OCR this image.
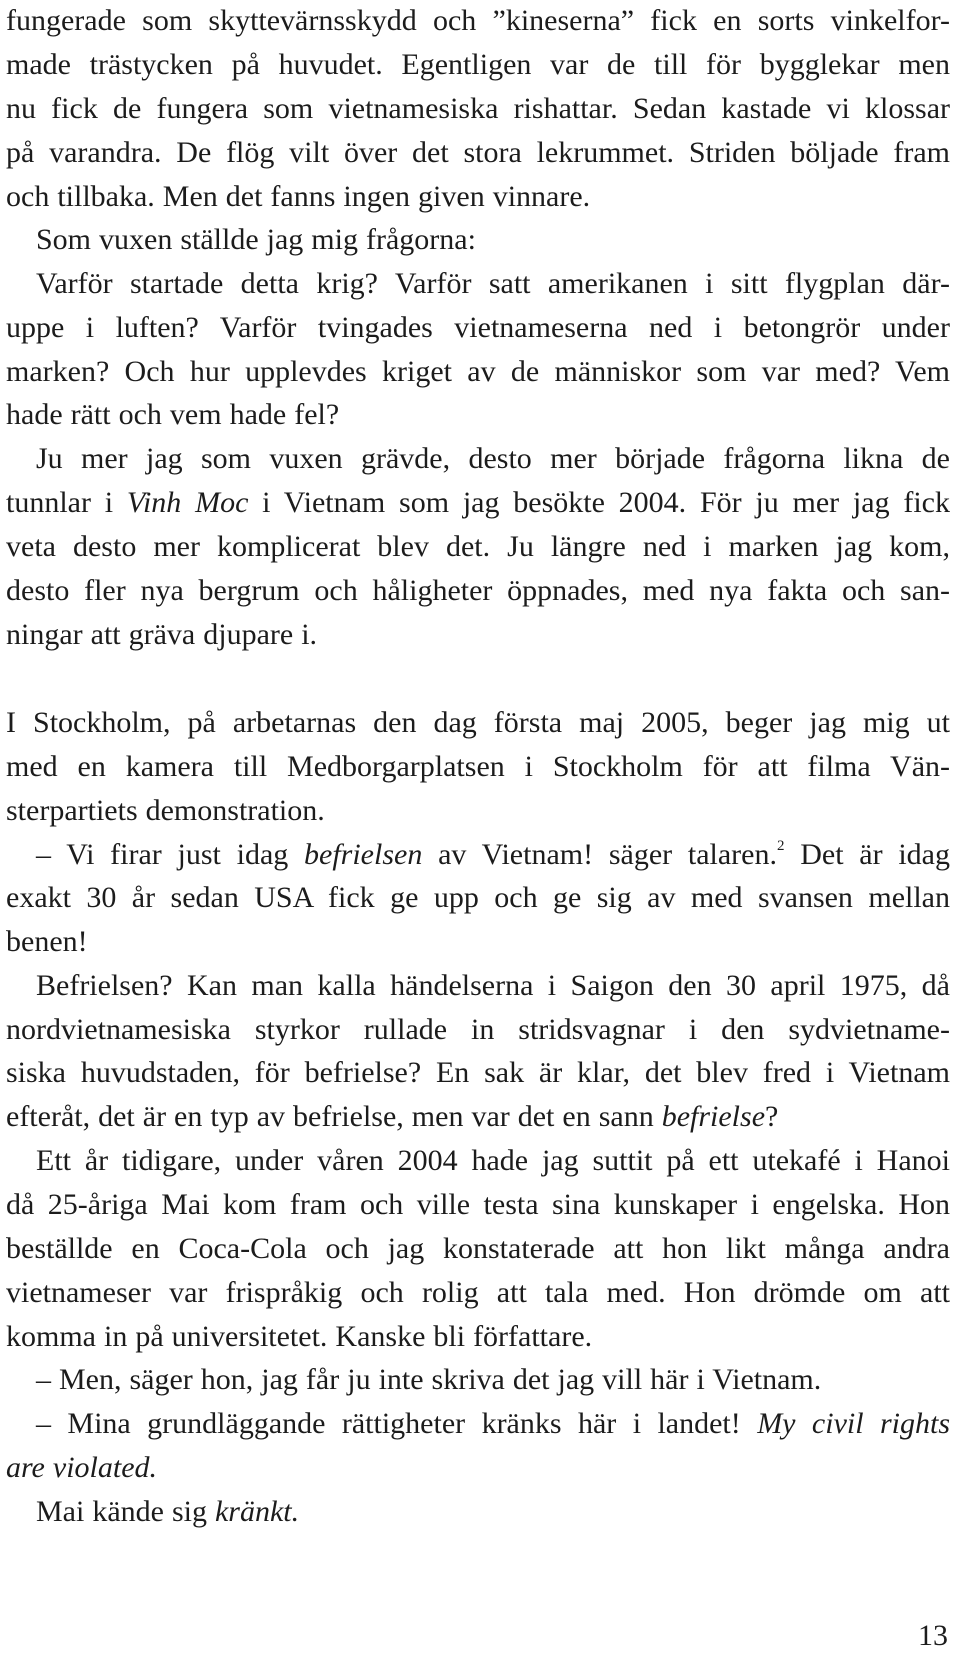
fungerade som skyttevärnsskydd och ”kineserna” fick en sorts vinkelfor-
made trästycken på huvudet. Egentligen var de till för bygglekar men
nu fick de fungera som vietnamesiska rishattar. Sedan kastade vi klossar
på varandra. De flög vilt över det stora lekrummet. Striden böljade fram
och tillbaka. Men det fanns ingen given vinnare.
Som vuxen ställde jag mig frågorna:
Varför startade detta krig? Varför satt amerikanen i sitt flygplan där-
uppe i luften? Varför tvingades vietnameserna ned i betongrör under
marken? Och hur upplevdes kriget av de människor som var med? Vem
hade rätt och vem hade fel?
Ju mer jag som vuxen grävde, desto mer började frågorna likna de
tunnlar i Vinh Moc i Vietnam som jag besökte 2004. För ju mer jag fick
veta desto mer komplicerat blev det. Ju längre ned i marken jag kom,
desto fler nya bergrum och håligheter öppnades, med nya fakta och san-
ningar att gräva djupare i.
I Stockholm, på arbetarnas den dag första maj 2005, beger jag mig ut
med en kamera till Medborgarplatsen i Stockholm för att filma Vän-
sterpartiets demonstration.
– Vi firar just idag befrielsen av Vietnam! säger talaren.$^2$ Det är idag
exakt 30 år sedan USA fick ge upp och ge sig av med svansen mellan
benen!
Befrielsen? Kan man kalla händelserna i Saigon den 30 april 1975, då
nordvietnamesiska styrkor rullade in stridsvagnar i den sydvietname-
siska huvudstaden, för befrielse? En sak är klar, det blev fred i Vietnam
efteråt, det är en typ av befrielse, men var det en sann befrielse?
Ett år tidigare, under våren 2004 hade jag suttit på ett utekafé i Hanoi
då 25-åriga Mai kom fram och ville testa sina kunskaper i engelska. Hon
beställde en Coca-Cola och jag konstaterade att hon likt många andra
vietnameser var frispråkig och rolig att tala med. Hon drömde om att
komma in på universitetet. Kanske bli författare.
– Men, säger hon, jag får ju inte skriva det jag vill här i Vietnam.
– Mina grundläggande rättigheter kränks här i landet! My civil rights
are violated.
Mai kände sig kränkt.
13
